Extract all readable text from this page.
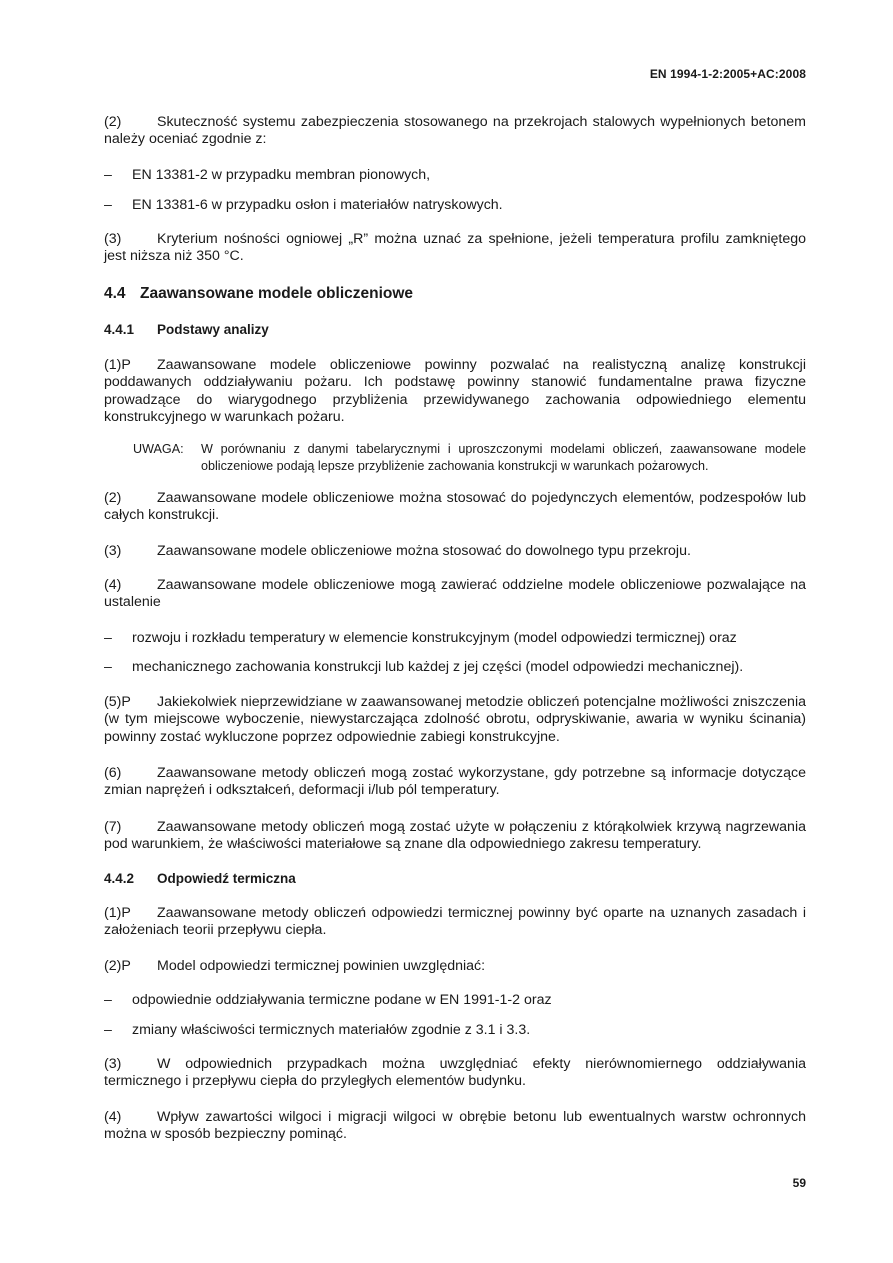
EN 1994-1-2:2005+AC:2008
(2)	Skuteczność systemu zabezpieczenia stosowanego na przekrojach stalowych wypełnionych betonem należy oceniać zgodnie z:
–	EN 13381-2 w przypadku membran pionowych,
–	EN 13381-6 w przypadku osłon i materiałów natryskowych.
(3)	Kryterium nośności ogniowej „R” można uznać za spełnione, jeżeli temperatura profilu zamkniętego jest niższa niż 350 °C.
4.4 Zaawansowane modele obliczeniowe
4.4.1 Podstawy analizy
(1)P Zaawansowane modele obliczeniowe powinny pozwalać na realistyczną analizę konstrukcji poddawanych oddziaływaniu pożaru. Ich podstawę powinny stanowić fundamentalne prawa fizyczne prowadzące do wiarygodnego przybliżenia przewidywanego zachowania odpowiedniego elementu konstrukcyjnego w warunkach pożaru.
UWAGA: W porównaniu z danymi tabelarycznymi i uproszczonymi modelami obliczeń, zaawansowane modele obliczeniowe podają lepsze przybliżenie zachowania konstrukcji w warunkach pożarowych.
(2)	Zaawansowane modele obliczeniowe można stosować do pojedynczych elementów, podzespołów lub całych konstrukcji.
(3)	Zaawansowane modele obliczeniowe można stosować do dowolnego typu przekroju.
(4)	Zaawansowane modele obliczeniowe mogą zawierać oddzielne modele obliczeniowe pozwalające na ustalenie
–	rozwoju i rozkładu temperatury w elemencie konstrukcyjnym (model odpowiedzi termicznej) oraz
–	mechanicznego zachowania konstrukcji lub każdej z jej części (model odpowiedzi mechanicznej).
(5)P Jakiekolwiek nieprzewidziane w zaawansowanej metodzie obliczeń potencjalne możliwości zniszczenia (w tym miejscowe wyboczenie, niewystarczająca zdolność obrotu, odpryskiwanie, awaria w wyniku ścinania) powinny zostać wykluczone poprzez odpowiednie zabiegi konstrukcyjne.
(6)	Zaawansowane metody obliczeń mogą zostać wykorzystane, gdy potrzebne są informacje dotyczące zmian naprężeń i odkształceń, deformacji i/lub pól temperatury.
(7)	Zaawansowane metody obliczeń mogą zostać użyte w połączeniu z którąkolwiek krzywą nagrzewania pod warunkiem, że właściwości materiałowe są znane dla odpowiedniego zakresu temperatury.
4.4.2 Odpowiedź termiczna
(1)P Zaawansowane metody obliczeń odpowiedzi termicznej powinny być oparte na uznanych zasadach i założeniach teorii przepływu ciepła.
(2)P Model odpowiedzi termicznej powinien uwzględniać:
–	odpowiednie oddziaływania termiczne podane w EN 1991-1-2 oraz
–	zmiany właściwości termicznych materiałów zgodnie z 3.1 i 3.3.
(3)	W odpowiednich przypadkach można uwzględniać efekty nierównomiernego oddziaływania termicznego i przepływu ciepła do przyległych elementów budynku.
(4)	Wpływ zawartości wilgoci i migracji wilgoci w obrębie betonu lub ewentualnych warstw ochronnych można w sposób bezpieczny pominąć.
59
